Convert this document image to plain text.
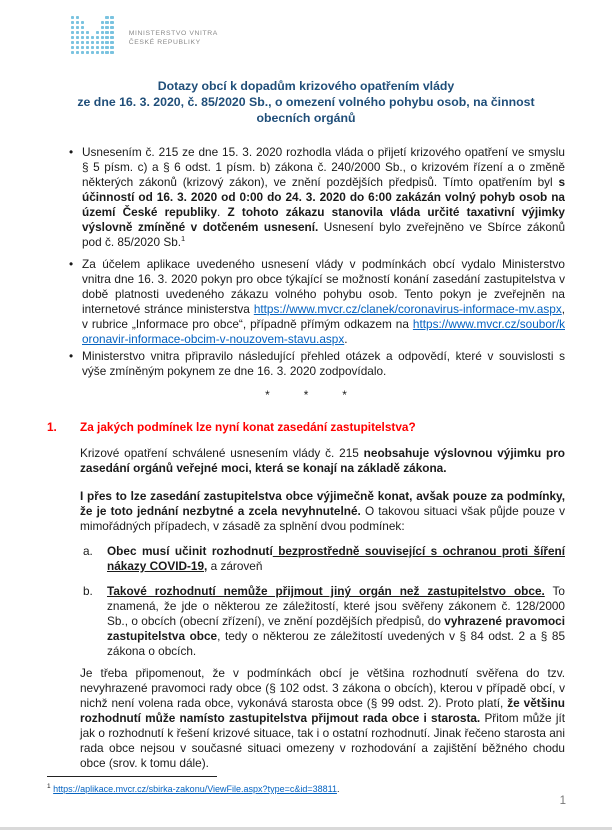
MINISTERSTVO VNITRA
ČESKÉ REPUBLIKY
Dotazy obcí k dopadům krizového opatřením vlády
ze dne 16. 3. 2020, č. 85/2020 Sb., o omezení volného pohybu osob, na činnost
obecních orgánů
• Usnesením č. 215 ze dne 15. 3. 2020 rozhodla vláda o přijetí krizového opatření ve smyslu § 5 písm. c) a § 6 odst. 1 písm. b) zákona č. 240/2000 Sb., o krizovém řízení a o změně některých zákonů (krizový zákon), ve znění pozdějších předpisů. Tímto opatřením byl s účinností od 16. 3. 2020 od 0:00 do 24. 3. 2020 do 6:00 zakázán volný pohyb osob na území České republiky. Z tohoto zákazu stanovila vláda určité taxativní výjimky výslovně zmíněné v dotčeném usnesení. Usnesení bylo zveřejněno ve Sbírce zákonů pod č. 85/2020 Sb.$^1$
• Za účelem aplikace uvedeného usnesení vlády v podmínkách obcí vydalo Ministerstvo vnitra dne 16. 3. 2020 pokyn pro obce týkající se možností konání zasedání zastupitelstva v době platnosti uvedeného zákazu volného pohybu osob. Tento pokyn je zveřejněn na internetové stránce ministerstva https://www.mvcr.cz/clanek/coronavirus-informace-mv.aspx, v rubrice „Informace pro obce“, případně přímým odkazem na https://www.mvcr.cz/soubor/koronavir-informace-obcim-v-nouzovem-stavu.aspx.
• Ministerstvo vnitra připravilo následující přehled otázek a odpovědí, které v souvislosti s výše zmíněným pokynem ze dne 16. 3. 2020 zodpovídalo.
*	*	*
1. Za jakých podmínek lze nyní konat zasedání zastupitelstva?
Krizové opatření schválené usnesením vlády č. 215 neobsahuje výslovnou výjimku pro zasedání orgánů veřejné moci, která se konají na základě zákona.
I přes to lze zasedání zastupitelstva obce výjimečně konat, avšak pouze za podmínky, že je toto jednání nezbytné a zcela nevyhnutelné. O takovou situaci však půjde pouze v mimořádných případech, v zásadě za splnění dvou podmínek:
a. Obec musí učinit rozhodnutí bezprostředně související s ochranou proti šíření nákazy COVID-19, a zároveň
b. Takové rozhodnutí nemůže přijmout jiný orgán než zastupitelstvo obce. To znamená, že jde o některou ze záležitostí, které jsou svěřeny zákonem č. 128/2000 Sb., o obcích (obecní zřízení), ve znění pozdějších předpisů, do vyhrazené pravomoci zastupitelstva obce, tedy o některou ze záležitostí uvedených v § 84 odst. 2 a § 85 zákona o obcích.
Je třeba připomenout, že v podmínkách obcí je většina rozhodnutí svěřena do tzv. nevyhrazené pravomoci rady obce (§ 102 odst. 3 zákona o obcích), kterou v případě obcí, v nichž není volena rada obce, vykonává starosta obce (§ 99 odst. 2). Proto platí, že většinu rozhodnutí může namísto zastupitelstva přijmout rada obce i starosta. Přitom může jít jak o rozhodnutí k řešení krizové situace, tak i o ostatní rozhodnutí. Jinak řečeno starosta ani rada obce nejsou v současné situaci omezeny v rozhodování a zajištění běžného chodu obce (srov. k tomu dále).
$^1$ https://aplikace.mvcr.cz/sbirka-zakonu/ViewFile.aspx?type=c&id=38811.
1
